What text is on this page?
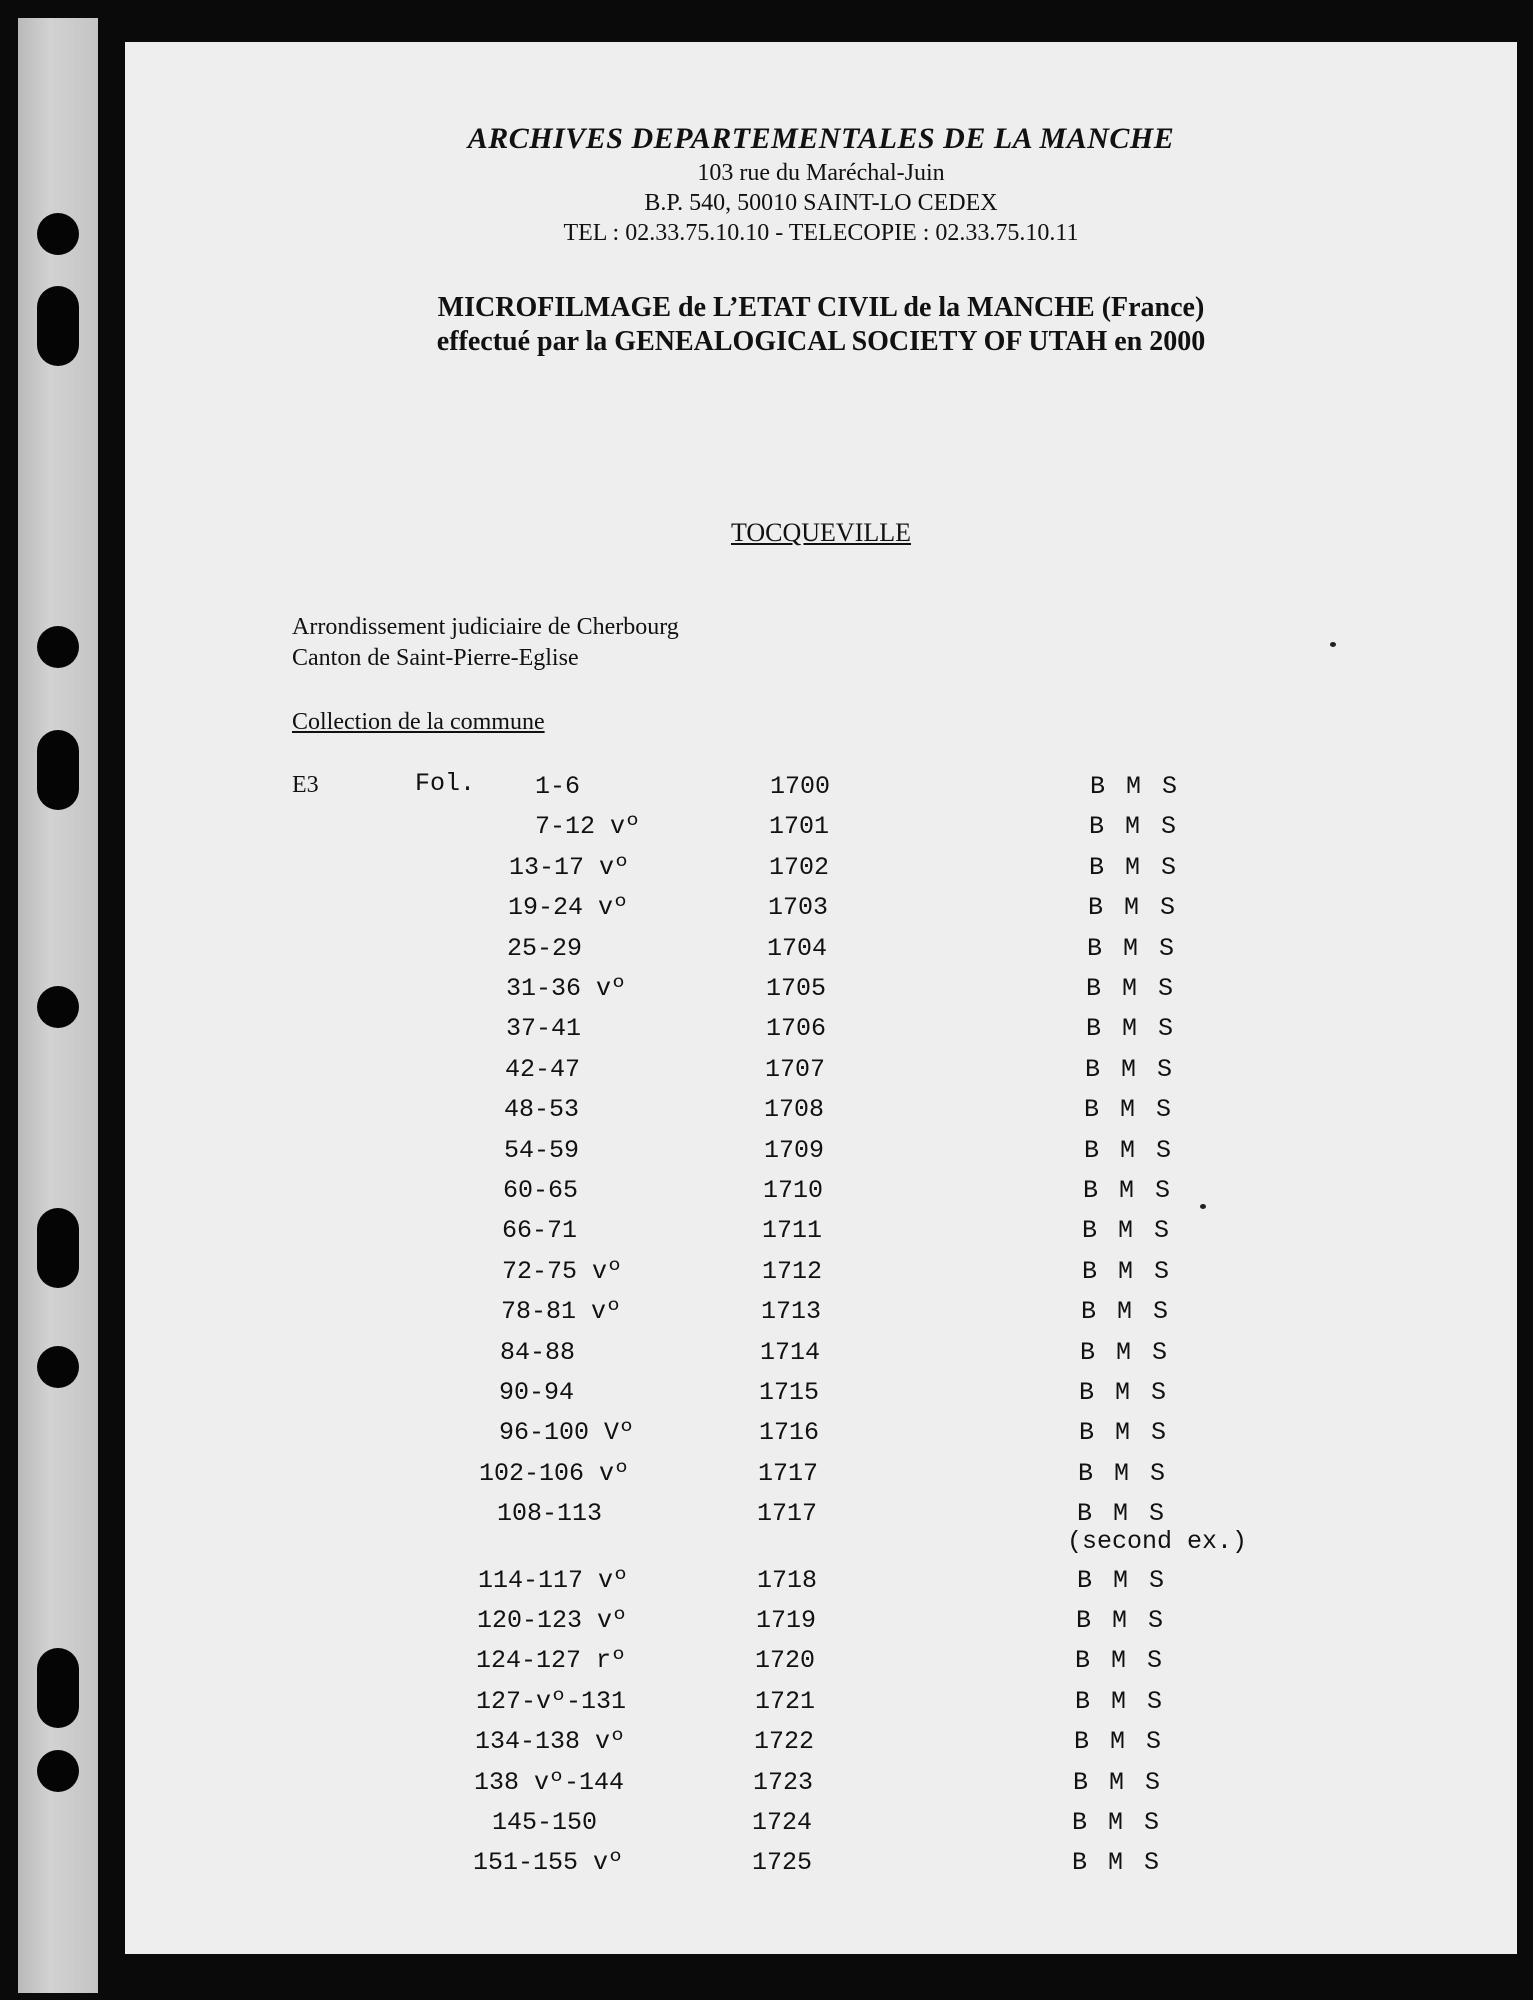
ARCHIVES DEPARTEMENTALES DE LA MANCHE
103 rue du Maréchal-Juin
B.P. 540, 50010 SAINT-LO CEDEX
TEL : 02.33.75.10.10 - TELECOPIE : 02.33.75.10.11
MICROFILMAGE de L’ETAT CIVIL de la MANCHE (France)
effectué par la GENEALOGICAL SOCIETY OF UTAH en 2000
TOCQUEVILLE
Arrondissement judiciaire de Cherbourg
Canton de Saint-Pierre-Eglise
Collection de la commune
E3	Fol. 1-6	1700	B M S
7-12 vº	1701	B M S
13-17 vº	1702	B M S
19-24 vº	1703	B M S
25-29	1704	B M S
31-36 vº	1705	B M S
37-41	1706	B M S
42-47	1707	B M S
48-53	1708	B M S
54-59	1709	B M S
60-65	1710	B M S
66-71	1711	B M S
72-75 vº	1712	B M S
78-81 vº	1713	B M S
84-88	1714	B M S
90-94	1715	B M S
96-100 Vº	1716	B M S
102-106 vº	1717	B M S
108-113	1717	B M S
(second ex.)
114-117 vº	1718	B M S
120-123 vº	1719	B M S
124-127 rº	1720	B M S
127-vº-131	1721	B M S
134-138 vº	1722	B M S
138 vº-144	1723	B M S
145-150	1724	B M S
151-155 vº	1725	B M S
